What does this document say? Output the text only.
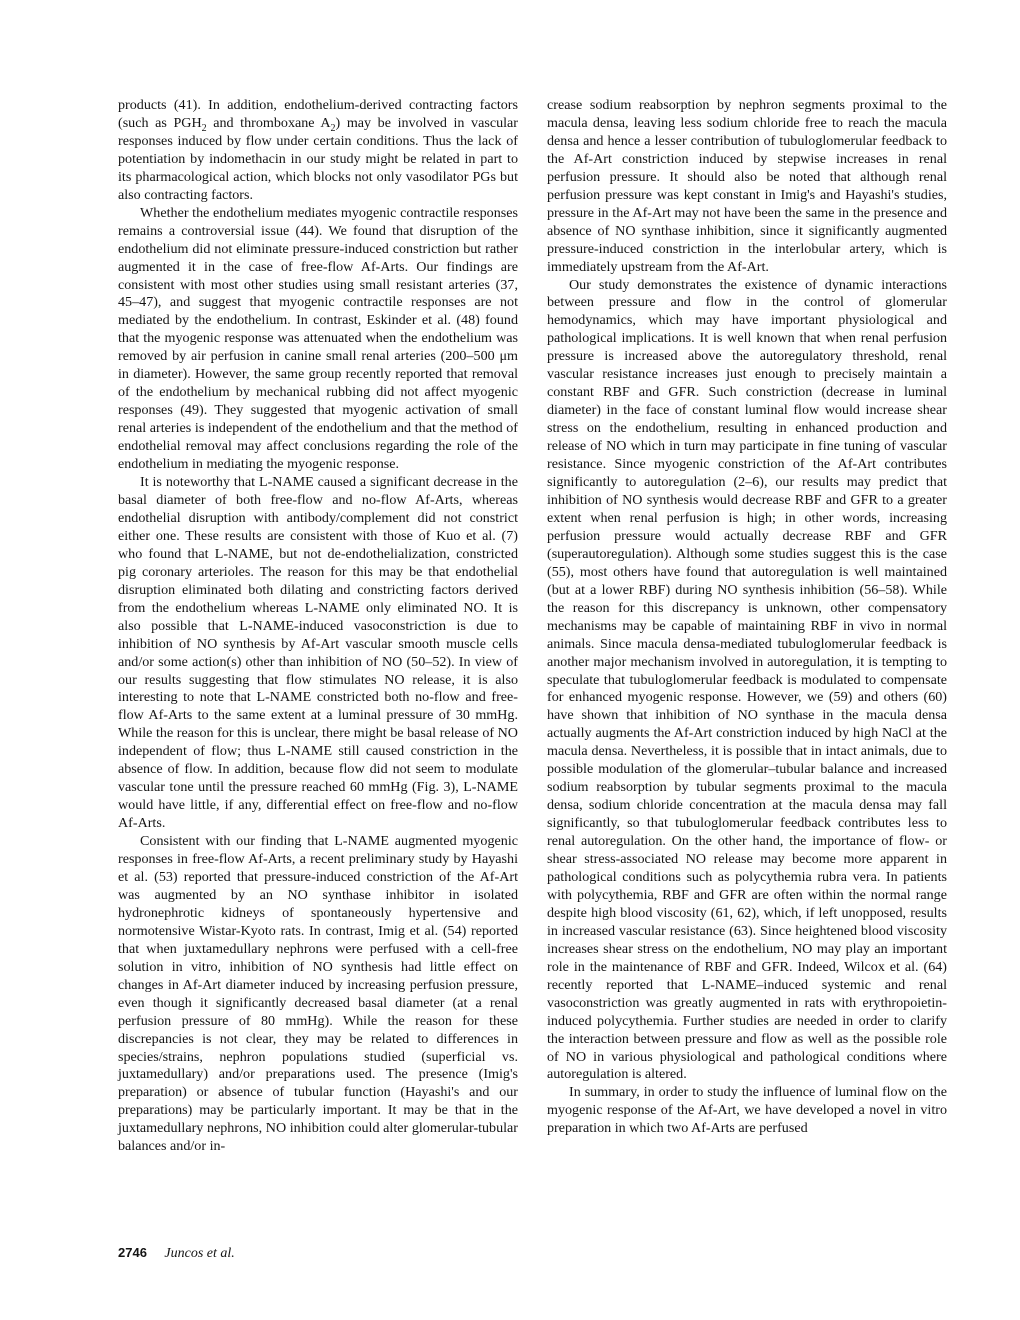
products (41). In addition, endothelium-derived contracting factors (such as $PGH_2$ and thromboxane $A_2$) may be involved in vascular responses induced by flow under certain conditions. Thus the lack of potentiation by indomethacin in our study might be related in part to its pharmacological action, which blocks not only vasodilator PGs but also contracting factors.

Whether the endothelium mediates myogenic contractile responses remains a controversial issue (44). We found that disruption of the endothelium did not eliminate pressure-induced constriction but rather augmented it in the case of free-flow Af-Arts. Our findings are consistent with most other studies using small resistant arteries (37, 45–47), and suggest that myogenic contractile responses are not mediated by the endothelium. In contrast, Eskinder et al. (48) found that the myogenic response was attenuated when the endothelium was removed by air perfusion in canine small renal arteries (200–500 μm in diameter). However, the same group recently reported that removal of the endothelium by mechanical rubbing did not affect myogenic responses (49). They suggested that myogenic activation of small renal arteries is independent of the endothelium and that the method of endothelial removal may affect conclusions regarding the role of the endothelium in mediating the myogenic response.

It is noteworthy that L-NAME caused a significant decrease in the basal diameter of both free-flow and no-flow Af-Arts, whereas endothelial disruption with antibody/complement did not constrict either one. These results are consistent with those of Kuo et al. (7) who found that L-NAME, but not de-endothelialization, constricted pig coronary arterioles. The reason for this may be that endothelial disruption eliminated both dilating and constricting factors derived from the endothelium whereas L-NAME only eliminated NO. It is also possible that L-NAME-induced vasoconstriction is due to inhibition of NO synthesis by Af-Art vascular smooth muscle cells and/or some action(s) other than inhibition of NO (50–52). In view of our results suggesting that flow stimulates NO release, it is also interesting to note that L-NAME constricted both no-flow and free-flow Af-Arts to the same extent at a luminal pressure of 30 mmHg. While the reason for this is unclear, there might be basal release of NO independent of flow; thus L-NAME still caused constriction in the absence of flow. In addition, because flow did not seem to modulate vascular tone until the pressure reached 60 mmHg (Fig. 3), L-NAME would have little, if any, differential effect on free-flow and no-flow Af-Arts.

Consistent with our finding that L-NAME augmented myogenic responses in free-flow Af-Arts, a recent preliminary study by Hayashi et al. (53) reported that pressure-induced constriction of the Af-Art was augmented by an NO synthase inhibitor in isolated hydronephrotic kidneys of spontaneously hypertensive and normotensive Wistar-Kyoto rats. In contrast, Imig et al. (54) reported that when juxtamedullary nephrons were perfused with a cell-free solution in vitro, inhibition of NO synthesis had little effect on changes in Af-Art diameter induced by increasing perfusion pressure, even though it significantly decreased basal diameter (at a renal perfusion pressure of 80 mmHg). While the reason for these discrepancies is not clear, they may be related to differences in species/strains, nephron populations studied (superficial vs. juxtamedullary) and/or preparations used. The presence (Imig's preparation) or absence of tubular function (Hayashi's and our preparations) may be particularly important. It may be that in the juxtamedullary nephrons, NO inhibition could alter glomerular-tubular balances and/or in-

crease sodium reabsorption by nephron segments proximal to the macula densa, leaving less sodium chloride free to reach the macula densa and hence a lesser contribution of tubuloglomerular feedback to the Af-Art constriction induced by stepwise increases in renal perfusion pressure. It should also be noted that although renal perfusion pressure was kept constant in Imig's and Hayashi's studies, pressure in the Af-Art may not have been the same in the presence and absence of NO synthase inhibition, since it significantly augmented pressure-induced constriction in the interlobular artery, which is immediately upstream from the Af-Art.

Our study demonstrates the existence of dynamic interactions between pressure and flow in the control of glomerular hemodynamics, which may have important physiological and pathological implications. It is well known that when renal perfusion pressure is increased above the autoregulatory threshold, renal vascular resistance increases just enough to precisely maintain a constant RBF and GFR. Such constriction (decrease in luminal diameter) in the face of constant luminal flow would increase shear stress on the endothelium, resulting in enhanced production and release of NO which in turn may participate in fine tuning of vascular resistance. Since myogenic constriction of the Af-Art contributes significantly to autoregulation (2–6), our results may predict that inhibition of NO synthesis would decrease RBF and GFR to a greater extent when renal perfusion is high; in other words, increasing perfusion pressure would actually decrease RBF and GFR (superautoregulation). Although some studies suggest this is the case (55), most others have found that autoregulation is well maintained (but at a lower RBF) during NO synthesis inhibition (56–58). While the reason for this discrepancy is unknown, other compensatory mechanisms may be capable of maintaining RBF in vivo in normal animals. Since macula densa-mediated tubuloglomerular feedback is another major mechanism involved in autoregulation, it is tempting to speculate that tubuloglomerular feedback is modulated to compensate for enhanced myogenic response. However, we (59) and others (60) have shown that inhibition of NO synthase in the macula densa actually augments the Af-Art constriction induced by high NaCl at the macula densa. Nevertheless, it is possible that in intact animals, due to possible modulation of the glomerular–tubular balance and increased sodium reabsorption by tubular segments proximal to the macula densa, sodium chloride concentration at the macula densa may fall significantly, so that tubuloglomerular feedback contributes less to renal autoregulation. On the other hand, the importance of flow- or shear stress-associated NO release may become more apparent in pathological conditions such as polycythemia rubra vera. In patients with polycythemia, RBF and GFR are often within the normal range despite high blood viscosity (61, 62), which, if left unopposed, results in increased vascular resistance (63). Since heightened blood viscosity increases shear stress on the endothelium, NO may play an important role in the maintenance of RBF and GFR. Indeed, Wilcox et al. (64) recently reported that L-NAME–induced systemic and renal vasoconstriction was greatly augmented in rats with erythropoietin-induced polycythemia. Further studies are needed in order to clarify the interaction between pressure and flow as well as the possible role of NO in various physiological and pathological conditions where autoregulation is altered.

In summary, in order to study the influence of luminal flow on the myogenic response of the Af-Art, we have developed a novel in vitro preparation in which two Af-Arts are perfused

2746 Juncos et al.
